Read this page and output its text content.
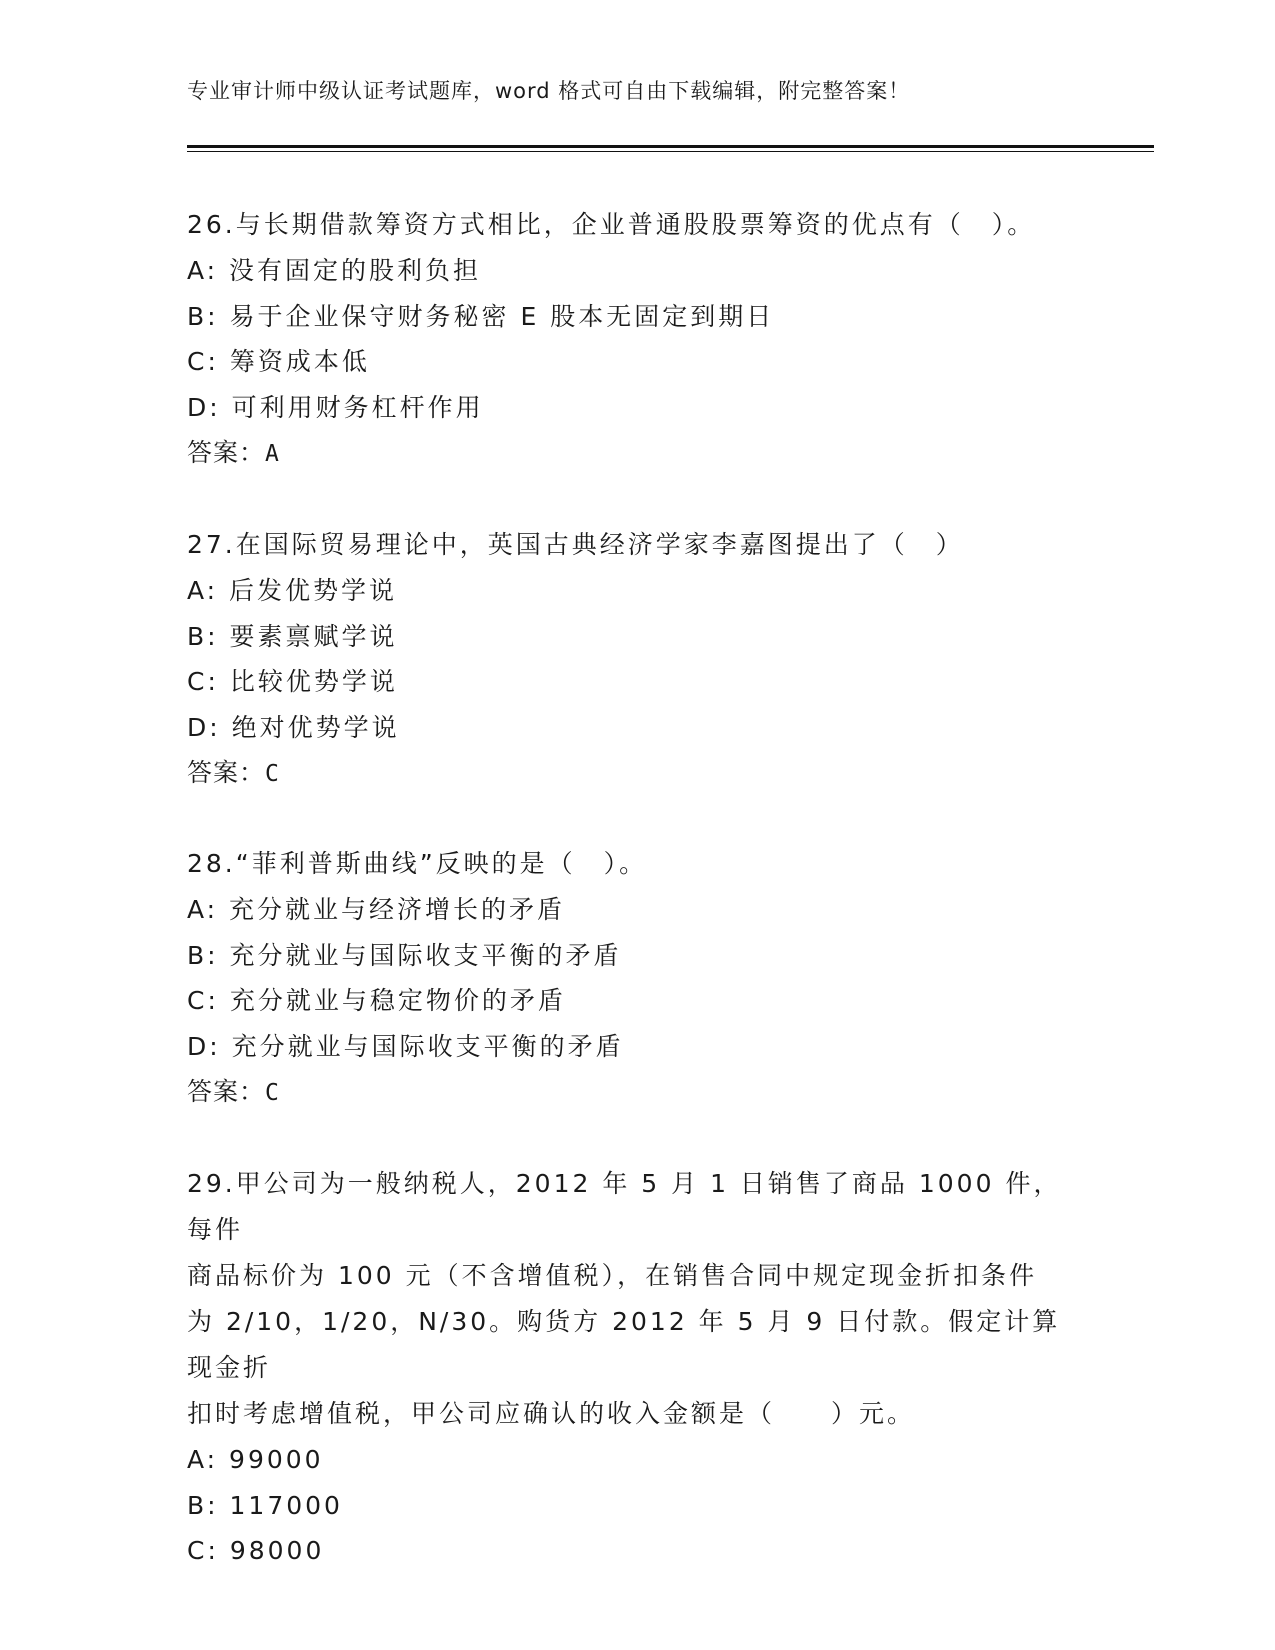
专业审计师中级认证考试题库，word 格式可自由下载编辑，附完整答案！

26.与长期借款筹资方式相比，企业普通股股票筹资的优点有（　）。

A: 没有固定的股利负担

B: 易于企业保守财务秘密 E 股本无固定到期日

C: 筹资成本低

D: 可利用财务杠杆作用

答案：A

27.在国际贸易理论中，英国古典经济学家李嘉图提出了（　）

A: 后发优势学说

B: 要素禀赋学说

C: 比较优势学说

D: 绝对优势学说

答案：C

28.“菲利普斯曲线”反映的是（　）。

A: 充分就业与经济增长的矛盾

B: 充分就业与国际收支平衡的矛盾

C: 充分就业与稳定物价的矛盾

D: 充分就业与国际收支平衡的矛盾

答案：C

29.甲公司为一般纳税人，2012 年 5 月 1 日销售了商品 1000 件，每件

商品标价为 100 元（不含增值税），在销售合同中规定现金折扣条件

为 2/10，1/20，N/30。购货方 2012 年 5 月 9 日付款。假定计算现金折

扣时考虑增值税，甲公司应确认的收入金额是（　　）元。

A: 99000

B: 117000

C: 98000
